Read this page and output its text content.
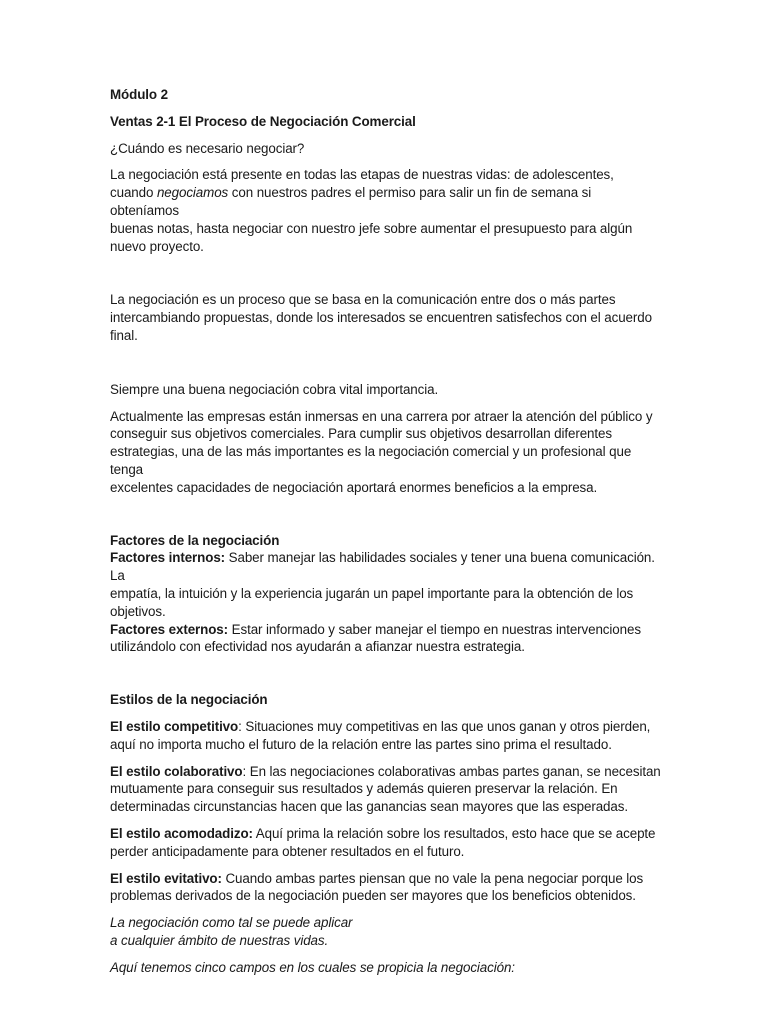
Módulo 2

Ventas 2-1 El Proceso de Negociación Comercial

¿Cuándo es necesario negociar?

La negociación está presente en todas las etapas de nuestras vidas: de adolescentes,

cuando negociamos con nuestros padres el permiso para salir un fin de semana si obteníamos

buenas notas, hasta negociar con nuestro jefe sobre aumentar el presupuesto para algún

nuevo proyecto.

La negociación es un proceso que se basa en la comunicación entre dos o más partes

intercambiando propuestas, donde los interesados se encuentren satisfechos con el acuerdo

final.

Siempre una buena negociación cobra vital importancia.

Actualmente las empresas están inmersas en una carrera por atraer la atención del público y

conseguir sus objetivos comerciales. Para cumplir sus objetivos desarrollan diferentes

estrategias, una de las más importantes es la negociación comercial y un profesional que tenga

excelentes capacidades de negociación aportará enormes beneficios a la empresa.

Factores de la negociación

Factores internos: Saber manejar las habilidades sociales y tener una buena comunicación. La

empatía, la intuición y la experiencia jugarán un papel importante para la obtención de los

objetivos.

Factores externos: Estar informado y saber manejar el tiempo en nuestras intervenciones

utilizándolo con efectividad nos ayudarán a afianzar nuestra estrategia.

Estilos de la negociación

El estilo competitivo: Situaciones muy competitivas en las que unos ganan y otros pierden,

aquí no importa mucho el futuro de la relación entre las partes sino prima el resultado.

El estilo colaborativo: En las negociaciones colaborativas ambas partes ganan, se necesitan

mutuamente para conseguir sus resultados y además quieren preservar la relación. En

determinadas circunstancias hacen que las ganancias sean mayores que las esperadas.

El estilo acomodadizo: Aquí prima la relación sobre los resultados, esto hace que se acepte

perder anticipadamente para obtener resultados en el futuro.

El estilo evitativo: Cuando ambas partes piensan que no vale la pena negociar porque los

problemas derivados de la negociación pueden ser mayores que los beneficios obtenidos.

La negociación como tal se puede aplicar

a cualquier ámbito de nuestras vidas.

Aquí tenemos cinco campos en los cuales se propicia la negociación:
